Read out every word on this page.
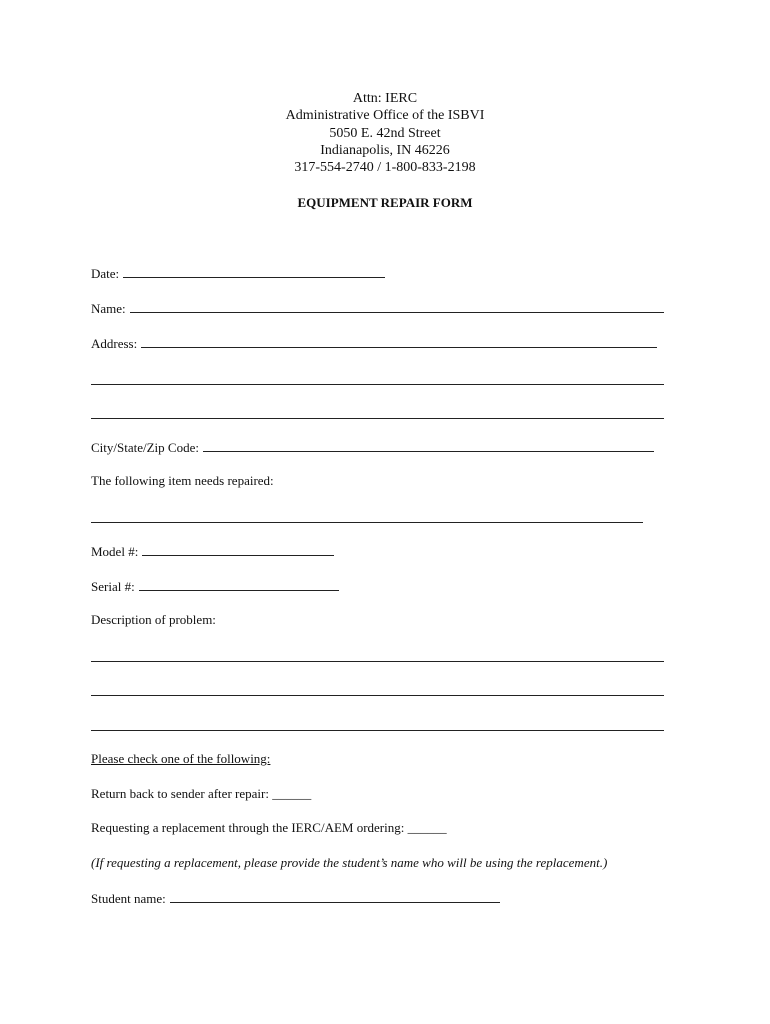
Attn: IERC
Administrative Office of the ISBVI
5050 E. 42nd Street
Indianapolis, IN 46226
317-554-2740 / 1-800-833-2198
EQUIPMENT REPAIR FORM
Date:
Name:
Address:
City/State/Zip Code:
The following item needs repaired:
Model #:
Serial #:
Description of problem:
Please check one of the following:
Return back to sender after repair: ______
Requesting a replacement through the IERC/AEM ordering: ______
(If requesting a replacement, please provide the student’s name who will be using the replacement.)
Student name:
